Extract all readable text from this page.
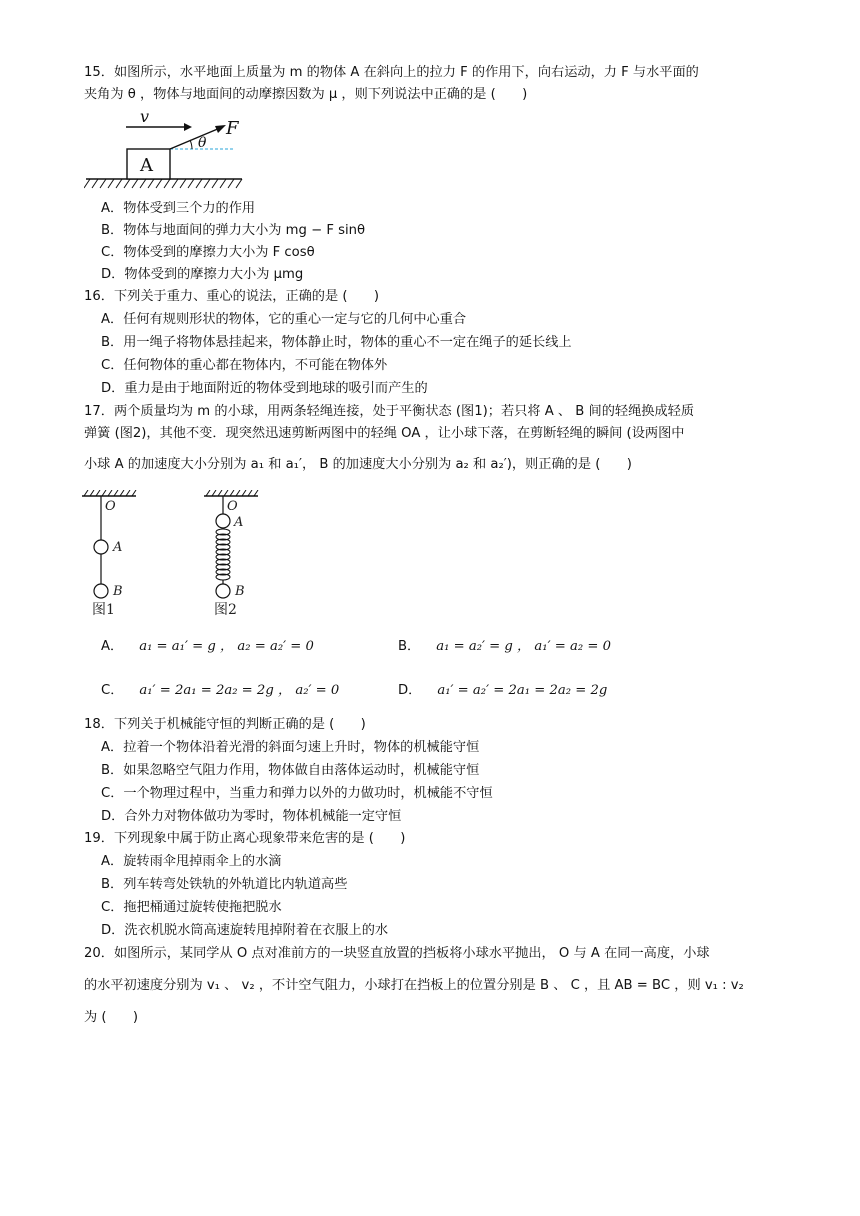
15．如图所示，水平地面上质量为 m 的物体 A 在斜向上的拉力 F 的作用下，向右运动，力 F 与水平面的
夹角为 θ ，物体与地面间的动摩擦因数为 μ ，则下列说法中正确的是 (　　)
A
v
F
θ
A．物体受到三个力的作用
B．物体与地面间的弹力大小为 mg − F sinθ
C．物体受到的摩擦力大小为 F cosθ
D．物体受到的摩擦力大小为 μmg
16．下列关于重力、重心的说法，正确的是 (　　)
A．任何有规则形状的物体，它的重心一定与它的几何中心重合
B．用一绳子将物体悬挂起来，物体静止时，物体的重心不一定在绳子的延长线上
C．任何物体的重心都在物体内，不可能在物体外
D．重力是由于地面附近的物体受到地球的吸引而产生的
17．两个质量均为 m 的小球，用两条轻绳连接，处于平衡状态 (图1)；若只将 A 、 B 间的轻绳换成轻质
弹簧 (图2)，其他不变．现突然迅速剪断两图中的轻绳 OA ，让小球下落，在剪断轻绳的瞬间 (设两图中
小球 A 的加速度大小分别为 a₁ 和 a₁′， B 的加速度大小分别为 a₂ 和 a₂′)，则正确的是 (　　)
O
A
B
图1
O
A
B
图2
A． a₁ = a₁′ = g ， a₂ = a₂′ = 0	B． a₁ = a₂′ = g ， a₁′ = a₂ = 0
C． a₁′ = 2a₁ = 2a₂ = 2g ， a₂′ = 0	D． a₁′ = a₂′ = 2a₁ = 2a₂ = 2g
18．下列关于机械能守恒的判断正确的是 (　　)
A．拉着一个物体沿着光滑的斜面匀速上升时，物体的机械能守恒
B．如果忽略空气阻力作用，物体做自由落体运动时，机械能守恒
C．一个物理过程中，当重力和弹力以外的力做功时，机械能不守恒
D．合外力对物体做功为零时，物体机械能一定守恒
19．下列现象中属于防止离心现象带来危害的是 (　　)
A．旋转雨伞甩掉雨伞上的水滴
B．列车转弯处铁轨的外轨道比内轨道高些
C．拖把桶通过旋转使拖把脱水
D．洗衣机脱水筒高速旋转甩掉附着在衣服上的水
20．如图所示，某同学从 O 点对准前方的一块竖直放置的挡板将小球水平抛出， O 与 A 在同一高度，小球
的水平初速度分别为 v₁ 、 v₂ ，不计空气阻力，小球打在挡板上的位置分别是 B 、 C ，且 AB = BC ，则 v₁ : v₂
为 (　　)
